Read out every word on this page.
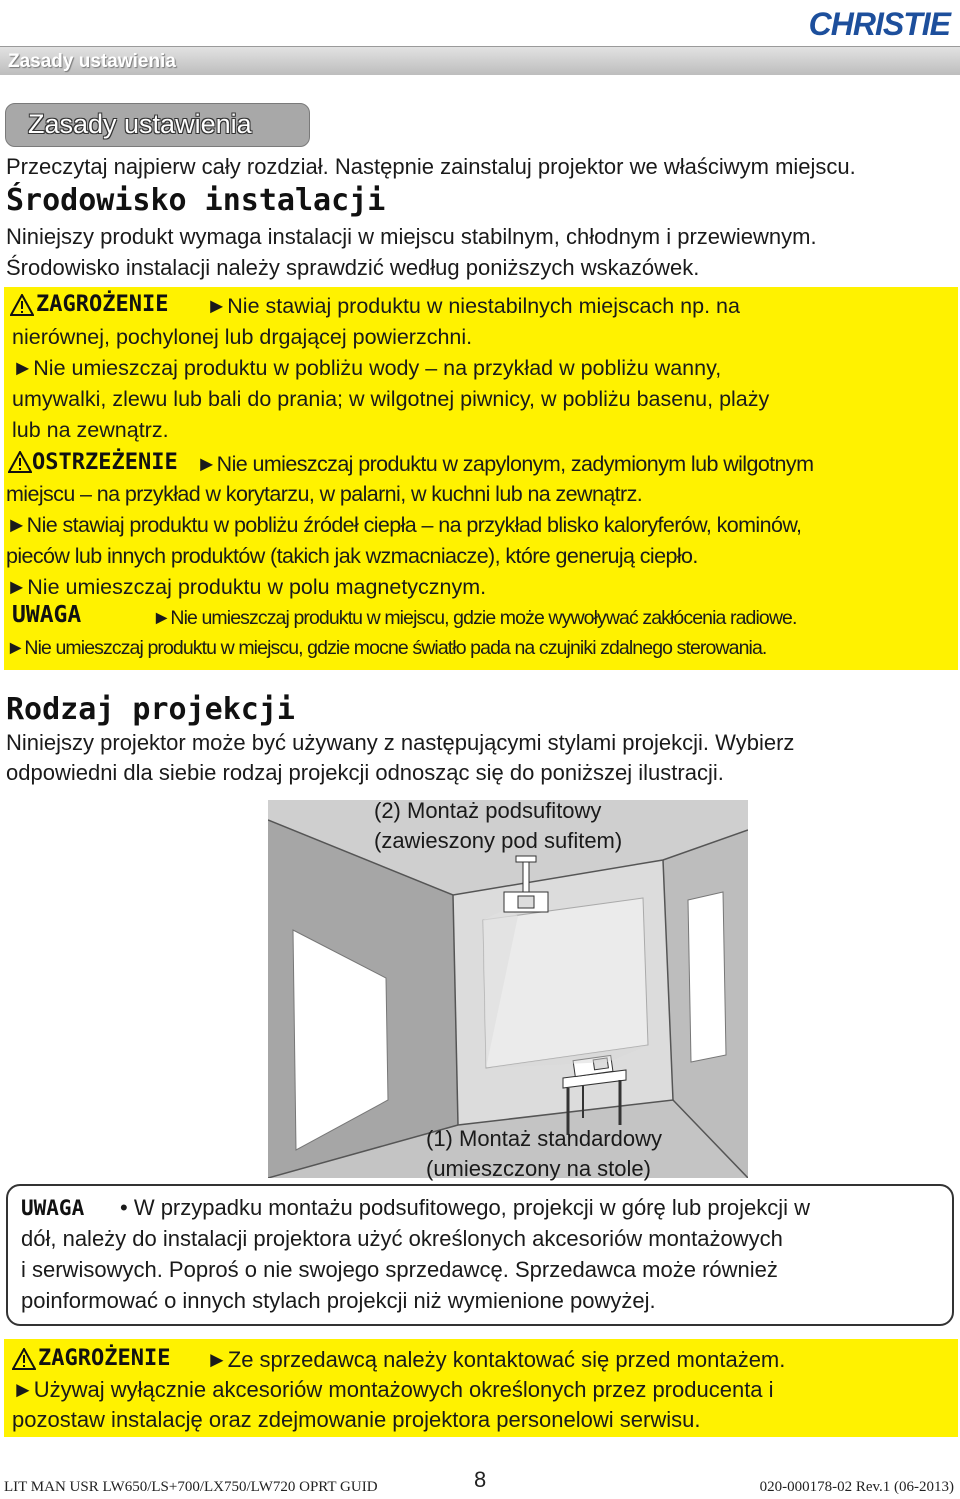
CHRISTIE
Zasady ustawienia
Zasady ustawienia
Przeczytaj najpierw cały rozdział. Następnie zainstaluj projektor we właściwym miejscu.
Środowisko instalacji
Niniejszy produkt wymaga instalacji w miejscu stabilnym, chłodnym i przewiewnym.
Środowisko instalacji należy sprawdzić według poniższych wskazówek.
ZAGROŻENIE ►Nie stawiaj produktu w niestabilnych miejscach np. na
nierównej, pochylonej lub drgającej powierzchni.
►Nie umieszczaj produktu w pobliżu wody – na przykład w pobliżu wanny,
umywalki, zlewu lub bali do prania; w wilgotnej piwnicy, w pobliżu basenu, plaży
lub na zewnątrz.
OSTRZEŻENIE ►Nie umieszczaj produktu w zapylonym, zadymionym lub wilgotnym
miejscu – na przykład w korytarzu, w palarni, w kuchni lub na zewnątrz.
►Nie stawiaj produktu w pobliżu źródeł ciepła – na przykład blisko kaloryferów, kominów,
pieców lub innych produktów (takich jak wzmacniacze), które generują ciepło.
►Nie umieszczaj produktu w polu magnetycznym.
UWAGA	►Nie umieszczaj produktu w miejscu, gdzie może wywoływać zakłócenia radiowe.
►Nie umieszczaj produktu w miejscu, gdzie mocne światło pada na czujniki zdalnego sterowania.
Rodzaj projekcji
Niniejszy projektor może być używany z następującymi stylami projekcji. Wybierz
odpowiedni dla siebie rodzaj projekcji odnosząc się do poniższej ilustracji.
(2) Montaż podsufitowy
(zawieszony pod sufitem)
(1) Montaż standardowy
(umieszczony na stole)
UWAGA • W przypadku montażu podsufitowego, projekcji w górę lub projekcji w
dół, należy do instalacji projektora użyć określonych akcesoriów montażowych
i serwisowych. Poproś o nie swojego sprzedawcę. Sprzedawca może również
poinformować o innych stylach projekcji niż wymienione powyżej.
ZAGROŻENIE ►Ze sprzedawcą należy kontaktować się przed montażem.
►Używaj wyłącznie akcesoriów montażowych określonych przez producenta i
pozostaw instalację oraz zdejmowanie projektora personelowi serwisu.
LIT MAN USR LW650/LS+700/LX750/LW720 OPRT GUID	8	020-000178-02 Rev.1 (06-2013)
